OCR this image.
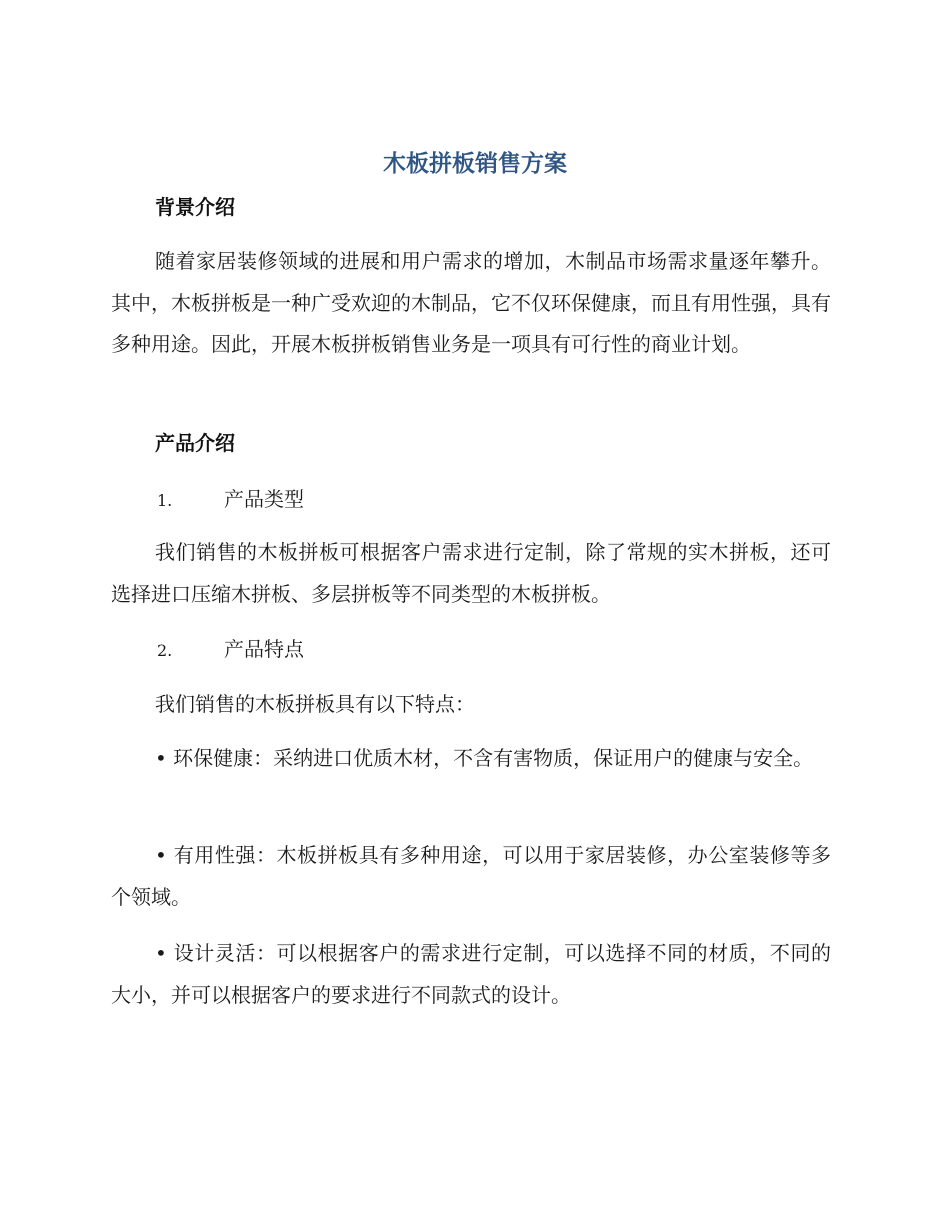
木板拼板销售方案
背景介绍
随着家居装修领域的进展和用户需求的增加，木制品市场需求量逐年攀升。其中，木板拼板是一种广受欢迎的木制品，它不仅环保健康，而且有用性强，具有多种用途。因此，开展木板拼板销售业务是一项具有可行性的商业计划。
产品介绍
1.	产品类型
我们销售的木板拼板可根据客户需求进行定制，除了常规的实木拼板，还可选择进口压缩木拼板、多层拼板等不同类型的木板拼板。
2.	产品特点
我们销售的木板拼板具有以下特点：
• 环保健康：采纳进口优质木材，不含有害物质，保证用户的健康与安全。
• 有用性强：木板拼板具有多种用途，可以用于家居装修，办公室装修等多个领域。
• 设计灵活：可以根据客户的需求进行定制，可以选择不同的材质，不同的大小，并可以根据客户的要求进行不同款式的设计。
